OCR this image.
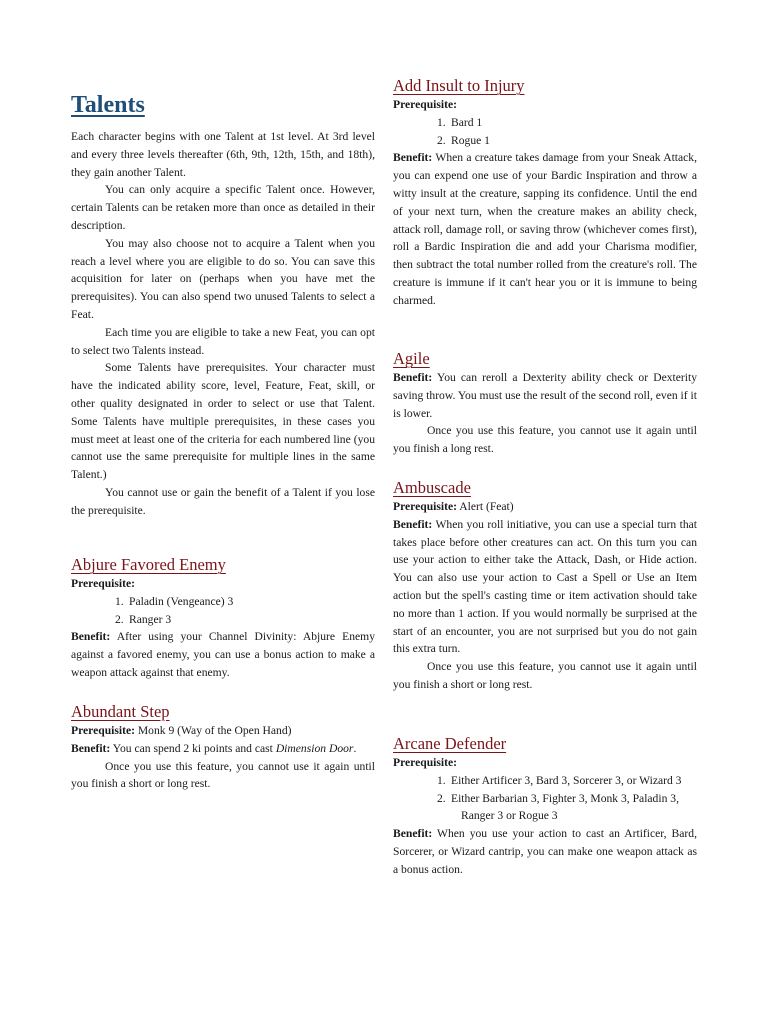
Talents

Each character begins with one Talent at 1st level. At 3rd level and every three levels thereafter (6th, 9th, 12th, 15th, and 18th), they gain another Talent.

You can only acquire a specific Talent once. However, certain Talents can be retaken more than once as detailed in their description.

You may also choose not to acquire a Talent when you reach a level where you are eligible to do so. You can save this acquisition for later on (perhaps when you have met the prerequisites). You can also spend two unused Talents to select a Feat.

Each time you are eligible to take a new Feat, you can opt to select two Talents instead.

Some Talents have prerequisites. Your character must have the indicated ability score, level, Feature, Feat, skill, or other quality designated in order to select or use that Talent. Some Talents have multiple prerequisites, in these cases you must meet at least one of the criteria for each numbered line (you cannot use the same prerequisite for multiple lines in the same Talent.)

You cannot use or gain the benefit of a Talent if you lose the prerequisite.

Abjure Favored Enemy

Prerequisite:

1. Paladin (Vengeance) 3
2. Ranger 3

Benefit: After using your Channel Divinity: Abjure Enemy against a favored enemy, you can use a bonus action to make a weapon attack against that enemy.

Abundant Step

Prerequisite: Monk 9 (Way of the Open Hand)

Benefit: You can spend 2 ki points and cast Dimension Door.

Once you use this feature, you cannot use it again until you finish a short or long rest.

Add Insult to Injury

Prerequisite:

1. Bard 1
2. Rogue 1

Benefit: When a creature takes damage from your Sneak Attack, you can expend one use of your Bardic Inspiration and throw a witty insult at the creature, sapping its confidence. Until the end of your next turn, when the creature makes an ability check, attack roll, damage roll, or saving throw (whichever comes first), roll a Bardic Inspiration die and add your Charisma modifier, then subtract the total number rolled from the creature's roll. The creature is immune if it can't hear you or it is immune to being charmed.

Agile

Benefit: You can reroll a Dexterity ability check or Dexterity saving throw. You must use the result of the second roll, even if it is lower.

Once you use this feature, you cannot use it again until you finish a long rest.

Ambuscade

Prerequisite: Alert (Feat)

Benefit: When you roll initiative, you can use a special turn that takes place before other creatures can act. On this turn you can use your action to either take the Attack, Dash, or Hide action. You can also use your action to Cast a Spell or Use an Item action but the spell's casting time or item activation should take no more than 1 action. If you would normally be surprised at the start of an encounter, you are not surprised but you do not gain this extra turn.

Once you use this feature, you cannot use it again until you finish a short or long rest.

Arcane Defender

Prerequisite:

1. Either Artificer 3, Bard 3, Sorcerer 3, or Wizard 3
2. Either Barbarian 3, Fighter 3, Monk 3, Paladin 3, Ranger 3 or Rogue 3

Benefit: When you use your action to cast an Artificer, Bard, Sorcerer, or Wizard cantrip, you can make one weapon attack as a bonus action.
